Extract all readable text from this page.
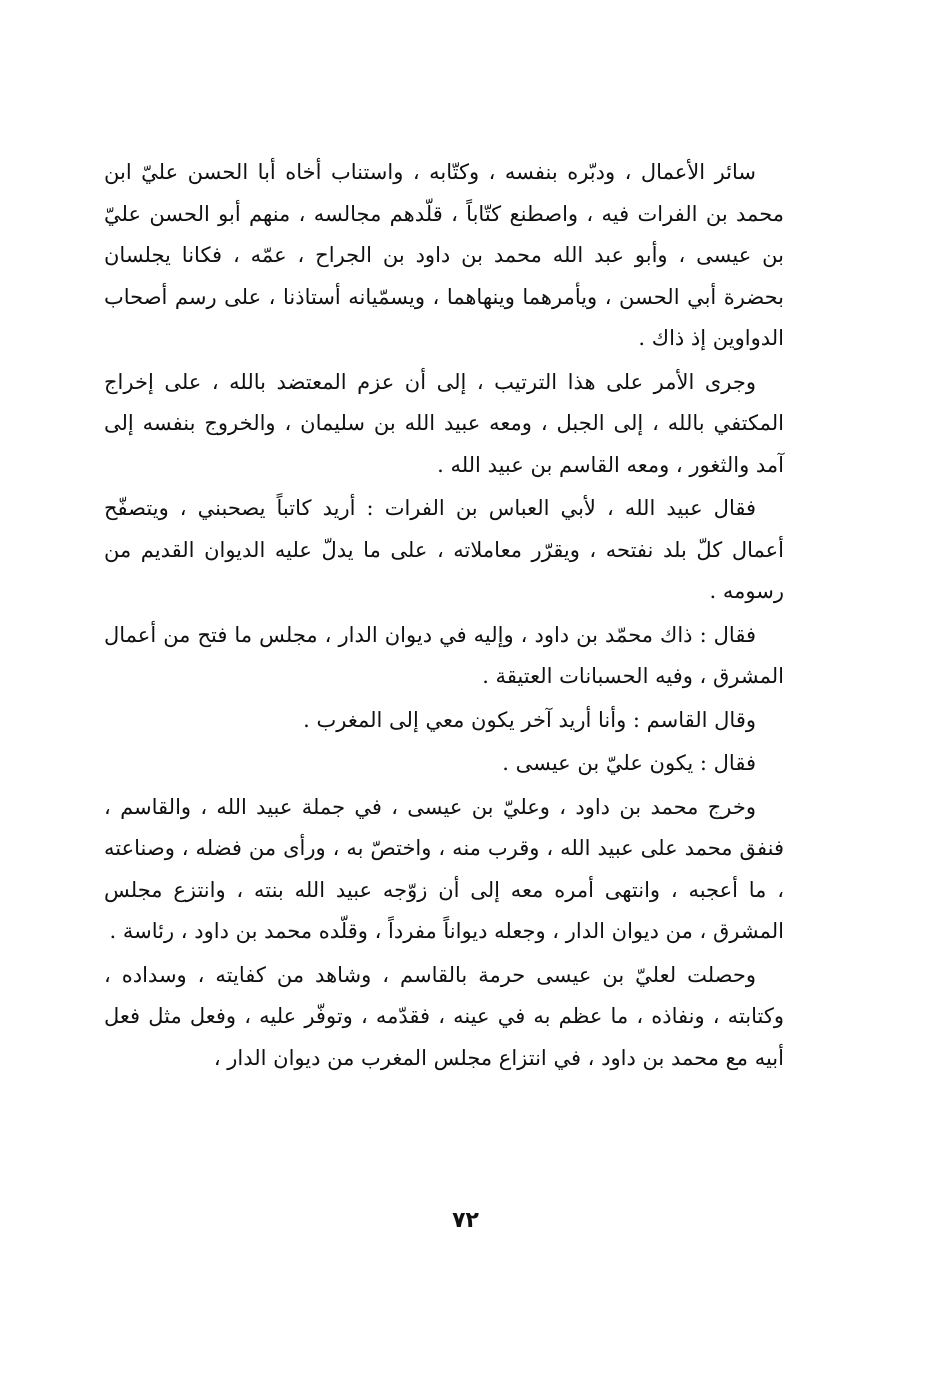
سائر الأعمال ، ودبّره بنفسه ، وكتّابه ، واستناب أخاه أبا الحسن عليّ ابن محمد بن الفرات فيه ، واصطنع كتّاباً ، قلّدهم مجالسه ، منهم أبو الحسن عليّ بن عيسى ، وأبو عبد الله محمد بن داود بن الجراح ، عمّه ، فكانا يجلسان بحضرة أبي الحسن ، ويأمرهما وينهاهما ، ويسمّيانه أستاذنا ، على رسم أصحاب الدواوين إذ ذاك .

وجرى الأمر على هذا الترتيب ، إلى أن عزم المعتضد بالله ، على إخراج المكتفي بالله ، إلى الجبل ، ومعه عبيد الله بن سليمان ، والخروج بنفسه إلى آمد والثغور ، ومعه القاسم بن عبيد الله .

فقال عبيد الله ، لأبي العباس بن الفرات : أريد كاتباً يصحبني ، ويتصفّح أعمال كلّ بلد نفتحه ، ويقرّر معاملاته ، على ما يدلّ عليه الديوان القديم من رسومه .

فقال : ذاك محمّد بن داود ، وإليه في ديوان الدار ، مجلس ما فتح من أعمال المشرق ، وفيه الحسبانات العتيقة .

وقال القاسم : وأنا أريد آخر يكون معي إلى المغرب .

فقال : يكون عليّ بن عيسى .

وخرج محمد بن داود ، وعليّ بن عيسى ، في جملة عبيد الله ، والقاسم ، فنفق محمد على عبيد الله ، وقرب منه ، واختصّ به ، ورأى من فضله ، وصناعته ، ما أعجبه ، وانتهى أمره معه إلى أن زوّجه عبيد الله بنته ، وانتزع مجلس المشرق ، من ديوان الدار ، وجعله ديواناً مفرداً ، وقلّده محمد بن داود ، رئاسة .

وحصلت لعليّ بن عيسى حرمة بالقاسم ، وشاهد من كفايته ، وسداده ، وكتابته ، ونفاذه ، ما عظم به في عينه ، فقدّمه ، وتوفّر عليه ، وفعل مثل فعل أبيه مع محمد بن داود ، في انتزاع مجلس المغرب من ديوان الدار ،

٧٢
